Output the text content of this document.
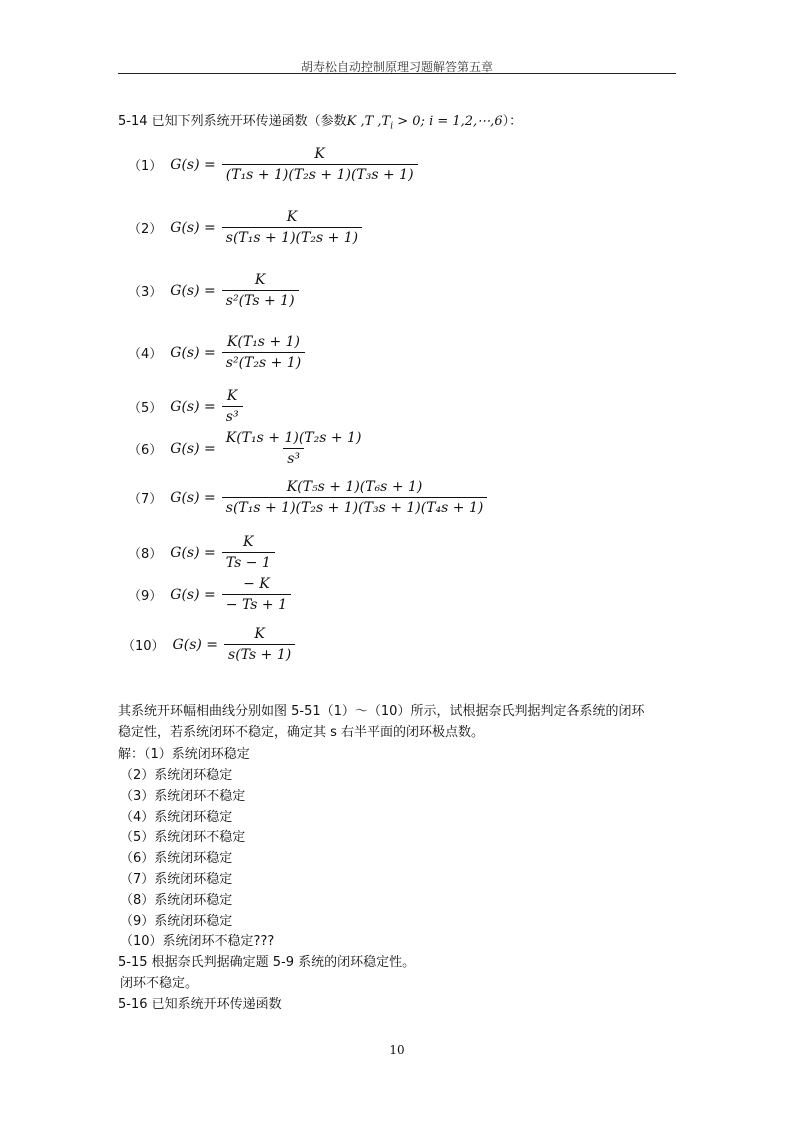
胡寿松自动控制原理习题解答第五章
5-14 已知下列系统开环传递函数（参数K ,T $,T_i > 0$; i = 1,2,⋯,6）：
（1） $G(s) = \frac{K}{\text{(T₁s + 1)(T₂s + 1)(T₃s + 1)}}$
（2） $G(s) = \frac{K}{\text{s(T₁s + 1)(T₂s + 1)}}$
（3） $G(s) = \frac{K}{\text{s²(Ts + 1)}}$
（4） $G(s) = \frac{\text{K(T₁s + 1)}}{\text{s²(T₂s + 1)}}$
（5） $G(s) = \frac{K}{\text{s³}}$
（6） $G(s) = \frac{\text{K(T₁s + 1)(T₂s + 1)}}{\text{s³}}$
（7） $G(s) = \frac{\text{K(T₅s + 1)(T₆s + 1)}}{\text{s(T₁s + 1)(T₂s + 1)(T₃s + 1)(T₄s + 1)}}$
（8） $G(s) = \frac{K}{Ts - 1}$
（9） $G(s) = \frac{- K}{- Ts + 1}$
（10） $G(s) = \frac{K}{s(Ts + 1)}$
其系统开环幅相曲线分别如图 5-51（1）～（10）所示，试根据奈氏判据判定各系统的闭环
稳定性，若系统闭环不稳定，确定其 s 右半平面的闭环极点数。
解：（1）系统闭环稳定
（2）系统闭环稳定
（3）系统闭环不稳定
（4）系统闭环稳定
（5）系统闭环不稳定
（6）系统闭环稳定
（7）系统闭环稳定
（8）系统闭环稳定
（9）系统闭环稳定
（10）系统闭环不稳定???
5-15 根据奈氏判据确定题 5-9 系统的闭环稳定性。
闭环不稳定。
5-16 已知系统开环传递函数
10
